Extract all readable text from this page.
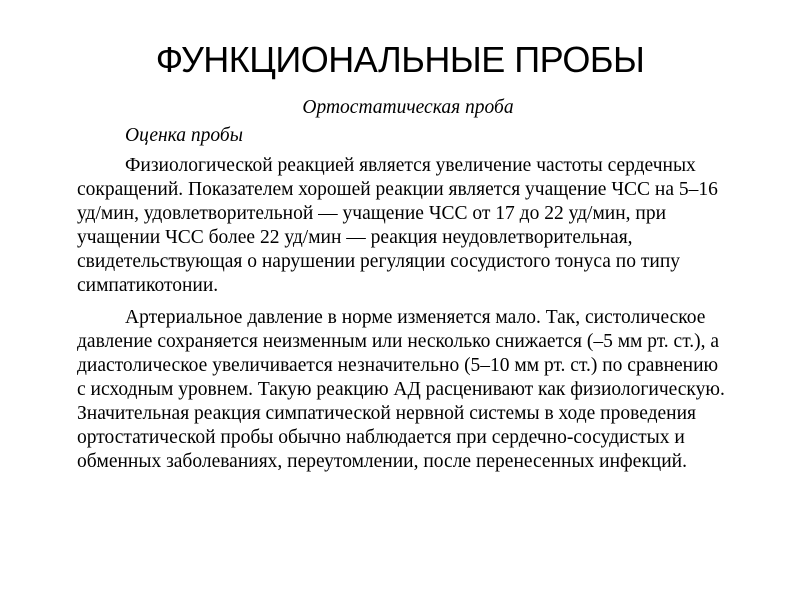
ФУНКЦИОНАЛЬНЫЕ ПРОБЫ

Ортостатическая проба

Оценка пробы

Физиологической реакцией является увеличение частоты сердечных сокращений. Показателем хорошей реакции является учащение ЧСС на 5–16 уд/мин, удовлетворительной — учащение ЧСС от 17 до 22 уд/мин, при учащении ЧСС более 22 уд/мин — реакция неудовлетворительная, свидетельствующая о нарушении регуляции сосудистого тонуса по типу симпатикотонии.

Артериальное давление в норме изменяется мало. Так, систолическое давление сохраняется неизменным или несколько снижается (–5 мм рт. ст.), а диастолическое увеличивается незначительно (5–10 мм рт. ст.) по сравнению с исходным уровнем. Такую реакцию АД расценивают как физиологическую. Значительная реакция симпатической нервной системы в ходе проведения ортостатической пробы обычно наблюдается при сердечно-сосудистых и обменных заболеваниях, переутомлении, после перенесенных инфекций.
